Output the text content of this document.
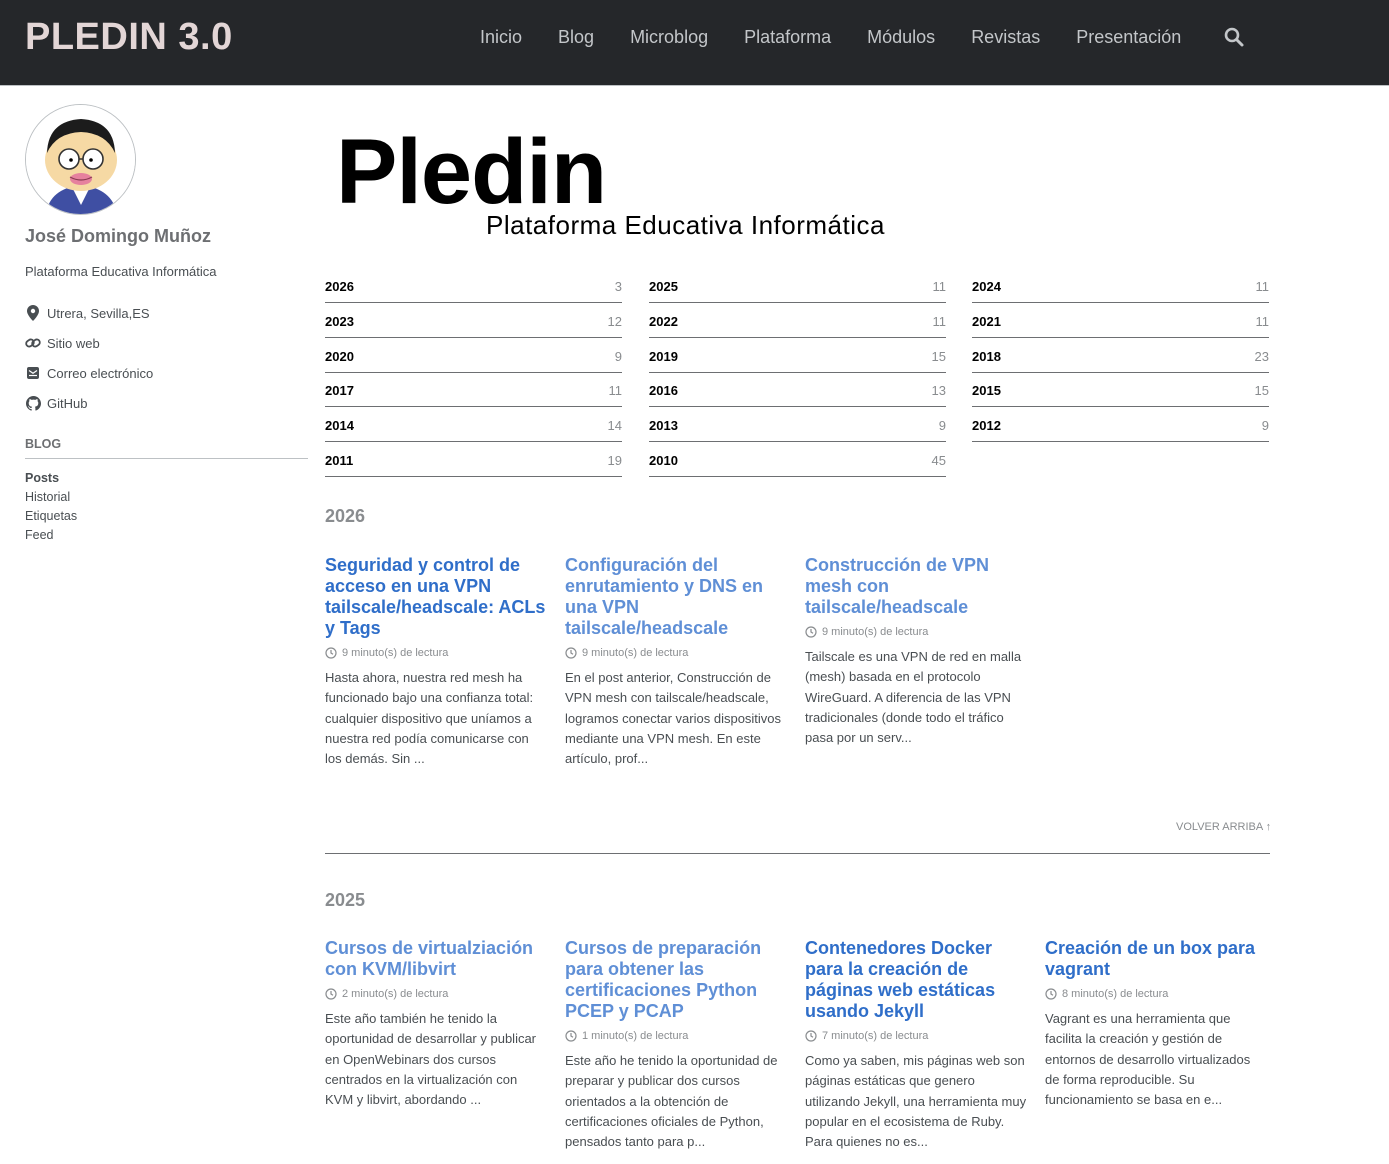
PLEDIN 3.0	Inicio	Blog	Microblog	Plataforma	Módulos	Revistas	Presentación
José Domingo Muñoz
Plataforma Educativa Informática
Utrera, Sevilla,ES
Sitio web
Correo electrónico
GitHub
BLOG
Posts
Historial
Etiquetas
Feed
Pledin
Plataforma Educativa Informática
2026	3 2025	11 2024	11
2023	12 2022	11 2021	11
2020	9 2019	15 2018	23
2017	11 2016	13 2015	15
2014	14 2013	9 2012	9
2011	19 2010	45
2026
Seguridad y control de acceso en una VPN tailscale/headscale: ACLs y Tags
9 minuto(s) de lectura
Hasta ahora, nuestra red mesh ha funcionado bajo una confianza total: cualquier dispositivo que uníamos a nuestra red podía comunicarse con los demás. Sin ...
Configuración del enrutamiento y DNS en una VPN tailscale/headscale
9 minuto(s) de lectura
En el post anterior, Construcción de VPN mesh con tailscale/headscale, logramos conectar varios dispositivos mediante una VPN mesh. En este artículo, prof...
Construcción de VPN mesh con tailscale/headscale
9 minuto(s) de lectura
Tailscale es una VPN de red en malla (mesh) basada en el protocolo WireGuard. A diferencia de las VPN tradicionales (donde todo el tráfico pasa por un serv...
VOLVER ARRIBA ↑
2025
Cursos de virtualziación con KVM/libvirt
2 minuto(s) de lectura
Este año también he tenido la oportunidad de desarrollar y publicar en OpenWebinars dos cursos centrados en la virtualización con KVM y libvirt, abordando ...
Cursos de preparación para obtener las certificaciones Python PCEP y PCAP
1 minuto(s) de lectura
Este año he tenido la oportunidad de preparar y publicar dos cursos orientados a la obtención de certificaciones oficiales de Python, pensados tanto para p...
Contenedores Docker para la creación de páginas web estáticas usando Jekyll
7 minuto(s) de lectura
Como ya saben, mis páginas web son páginas estáticas que genero utilizando Jekyll, una herramienta muy popular en el ecosistema de Ruby. Para quienes no es...
Creación de un box para vagrant
8 minuto(s) de lectura
Vagrant es una herramienta que facilita la creación y gestión de entornos de desarrollo virtualizados de forma reproducible. Su funcionamiento se basa en e...
